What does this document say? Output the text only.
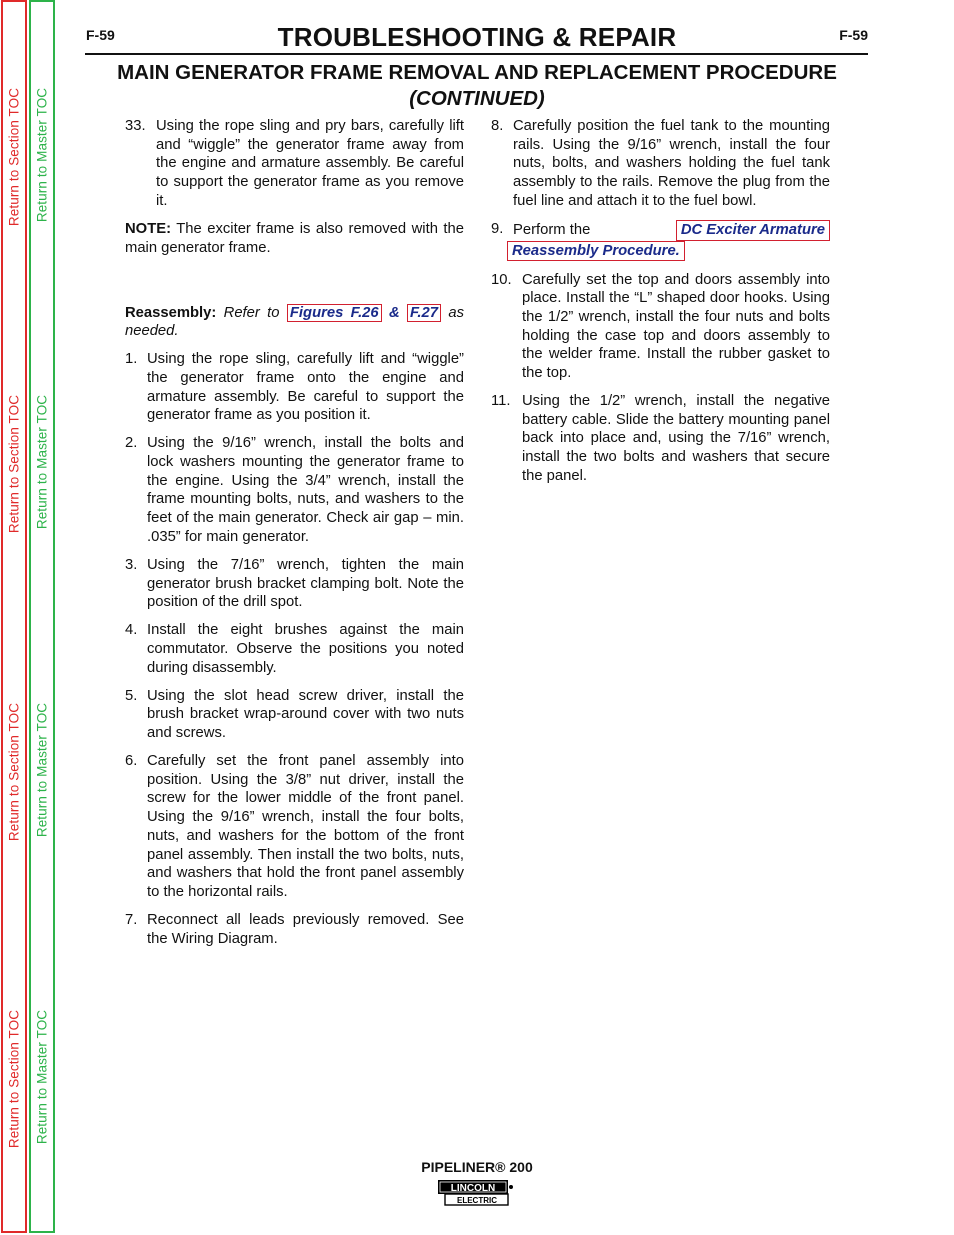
Return to Section TOC
Return to Section TOC
Return to Section TOC
Return to Section TOC
Return to Master TOC
Return to Master TOC
Return to Master TOC
Return to Master TOC
F-59	F-59
TROUBLESHOOTING & REPAIR
MAIN GENERATOR FRAME REMOVAL AND REPLACEMENT PROCEDURE
(CONTINUED)
33. Using the rope sling and pry bars, carefully lift and “wiggle” the generator frame away from the engine and armature assembly. Be careful to support the generator frame as you remove it.
NOTE: The exciter frame is also removed with the main generator frame.
Reassembly: Refer to Figures F.26 & F.27 as needed.
1. Using the rope sling, carefully lift and “wiggle” the generator frame onto the engine and armature assembly. Be careful to support the generator frame as you position it.
2. Using the 9/16” wrench, install the bolts and lock washers mounting the generator frame to the engine. Using the 3/4” wrench, install the frame mounting bolts, nuts, and washers to the feet of the main generator. Check air gap – min. .035” for main generator.
3. Using the 7/16” wrench, tighten the main generator brush bracket clamping bolt. Note the position of the drill spot.
4. Install the eight brushes against the main commutator. Observe the positions you noted during disassembly.
5. Using the slot head screw driver, install the brush bracket wrap-around cover with two nuts and screws.
6. Carefully set the front panel assembly into position. Using the 3/8” nut driver, install the screw for the lower middle of the front panel. Using the 9/16” wrench, install the four bolts, nuts, and washers for the bottom of the front panel assembly. Then install the two bolts, nuts, and washers that hold the front panel assembly to the horizontal rails.
7. Reconnect all leads previously removed. See the Wiring Diagram.
8. Carefully position the fuel tank to the mounting rails. Using the 9/16” wrench, install the four nuts, bolts, and washers holding the fuel tank assembly to the rails. Remove the plug from the fuel line and attach it to the fuel bowl.
9. Perform the	DC Exciter Armature
Reassembly Procedure.
10. Carefully set the top and doors assembly into place. Install the “L” shaped door hooks. Using the 1/2” wrench, install the four nuts and bolts holding the case top and doors assembly to the welder frame. Install the rubber gasket to the top.
11. Using the 1/2” wrench, install the negative battery cable. Slide the battery mounting panel back into place and, using the 7/16” wrench, install the two bolts and washers that secure the panel.
PIPELINER® 200
LINCOLN
ELECTRIC
